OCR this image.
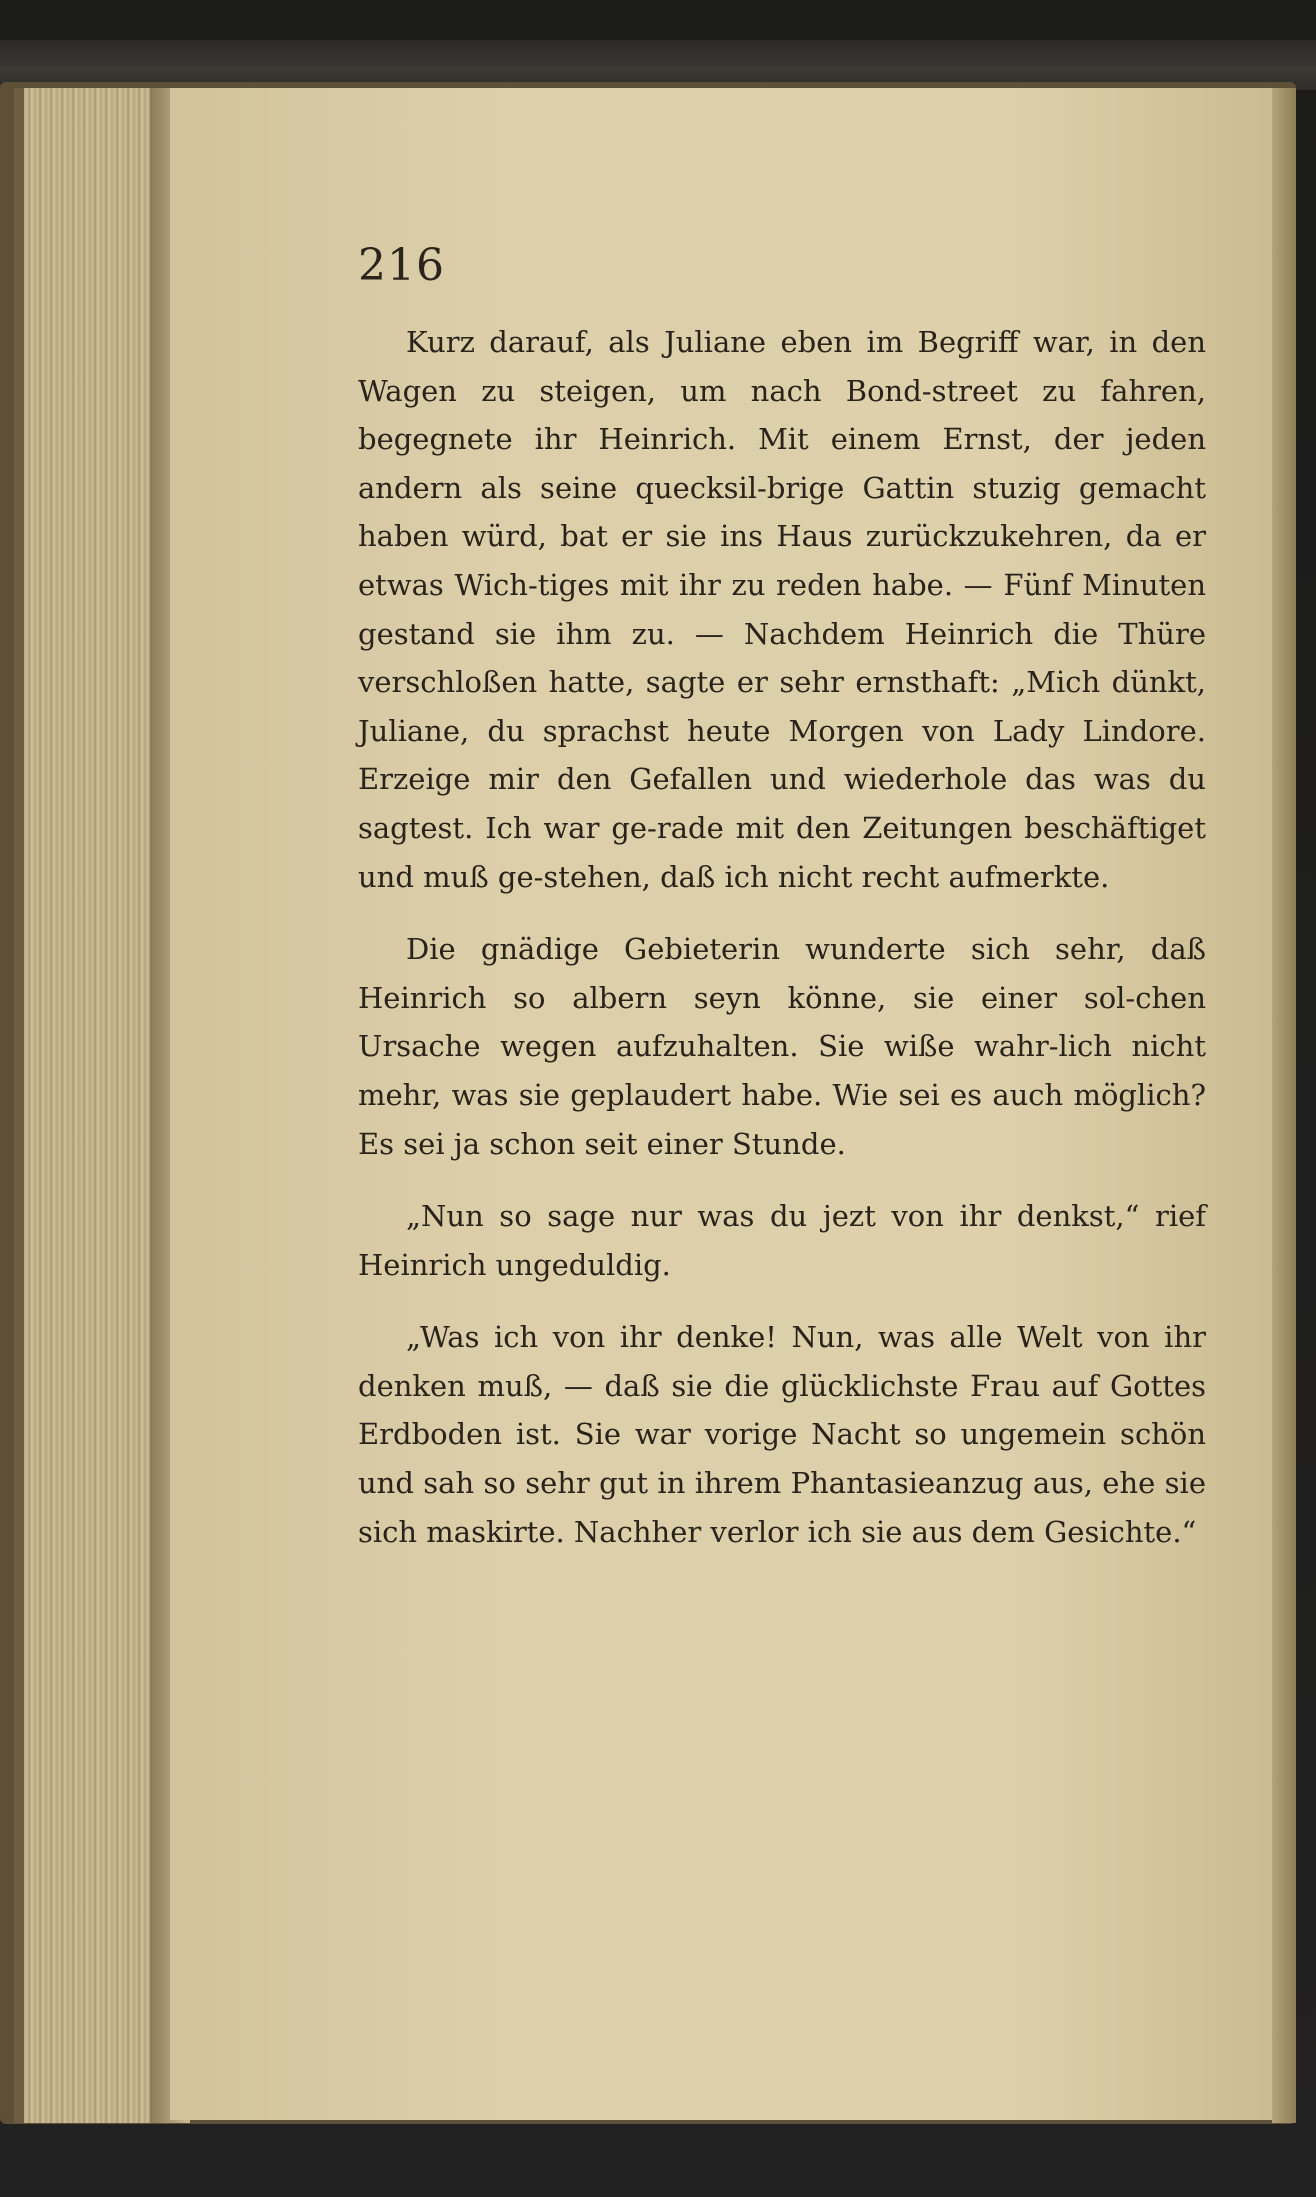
216

Kurz darauf, als Juliane eben im Begriff war, in den Wagen zu steigen, um nach Bond-street zu fahren, begegnete ihr Heinrich. Mit einem Ernst, der jeden andern als seine quecksil-brige Gattin stuzig gemacht haben würd, bat er sie ins Haus zurückzukehren, da er etwas Wich-tiges mit ihr zu reden habe. — Fünf Minuten gestand sie ihm zu. — Nachdem Heinrich die Thüre verschloßen hatte, sagte er sehr ernsthaft: „Mich dünkt, Juliane, du sprachst heute Morgen von Lady Lindore. Erzeige mir den Gefallen und wiederhole das was du sagtest. Ich war ge-rade mit den Zeitungen beschäftiget und muß ge-stehen, daß ich nicht recht aufmerkte.

Die gnädige Gebieterin wunderte sich sehr, daß Heinrich so albern seyn könne, sie einer sol-chen Ursache wegen aufzuhalten. Sie wiße wahr-lich nicht mehr, was sie geplaudert habe. Wie sei es auch möglich? Es sei ja schon seit einer Stunde.

„Nun so sage nur was du jezt von ihr denkst,“ rief Heinrich ungeduldig.

„Was ich von ihr denke! Nun, was alle Welt von ihr denken muß, — daß sie die glücklichste Frau auf Gottes Erdboden ist. Sie war vorige Nacht so ungemein schön und sah so sehr gut in ihrem Phantasieanzug aus, ehe sie sich maskirte. Nachher verlor ich sie aus dem Gesichte.“
